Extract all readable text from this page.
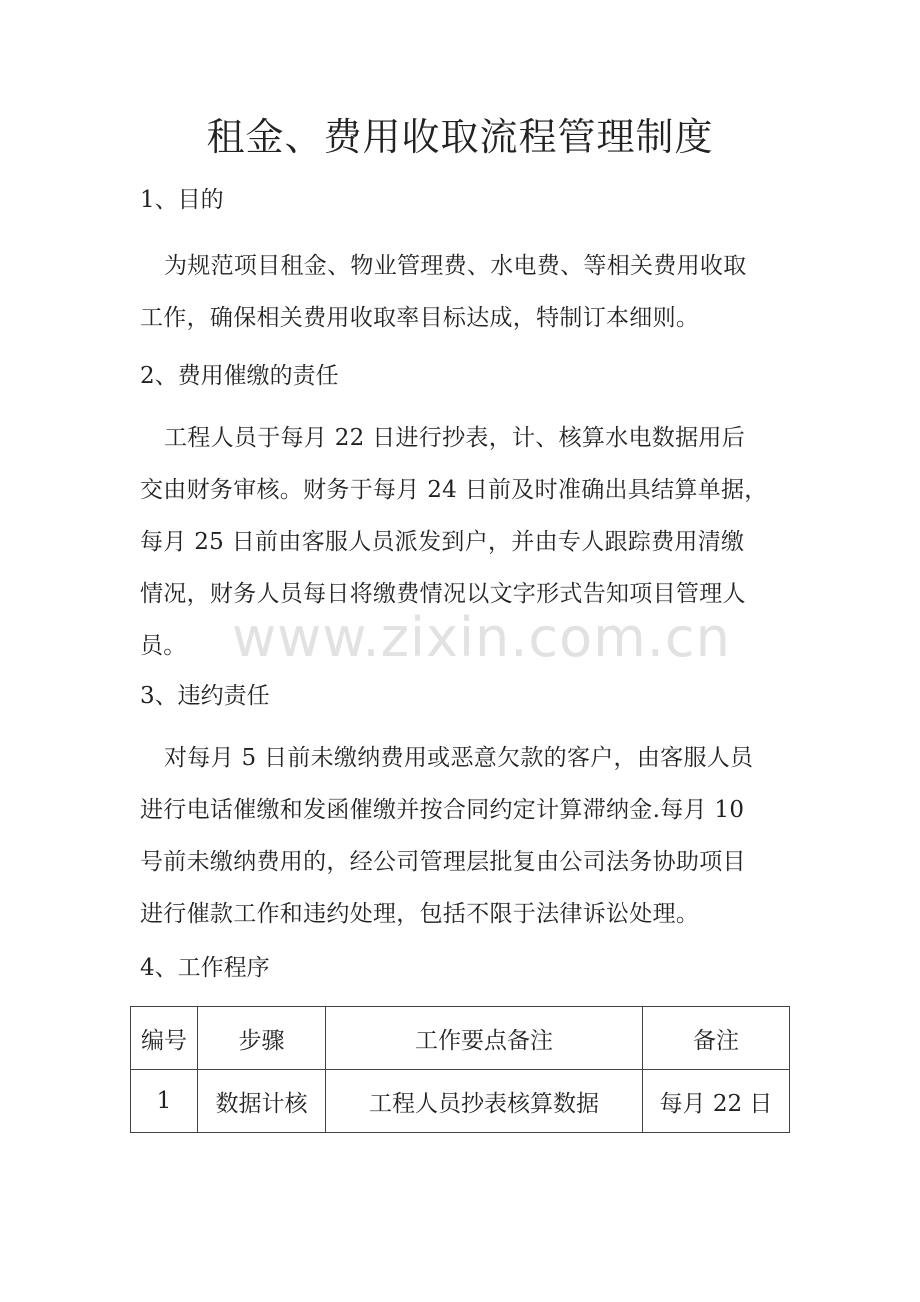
租金、费用收取流程管理制度

1、目的

为规范项目租金、物业管理费、水电费、等相关费用收取
工作，确保相关费用收取率目标达成，特制订本细则。

2、费用催缴的责任

工程人员于每月 22 日进行抄表，计、核算水电数据用后
交由财务审核。财务于每月 24 日前及时准确出具结算单据，
每月 25 日前由客服人员派发到户，并由专人跟踪费用清缴
情况，财务人员每日将缴费情况以文字形式告知项目管理人
员。 www.zixin.com.cn

3、违约责任

对每月 5 日前未缴纳费用或恶意欠款的客户，由客服人员
进行电话催缴和发函催缴并按合同约定计算滞纳金.每月 10
号前未缴纳费用的，经公司管理层批复由公司法务协助项目
进行催款工作和违约处理，包括不限于法律诉讼处理。

4、工作程序

编号	步骤	工作要点备注	备注
1	数据计核	工程人员抄表核算数据	每月 22 日
